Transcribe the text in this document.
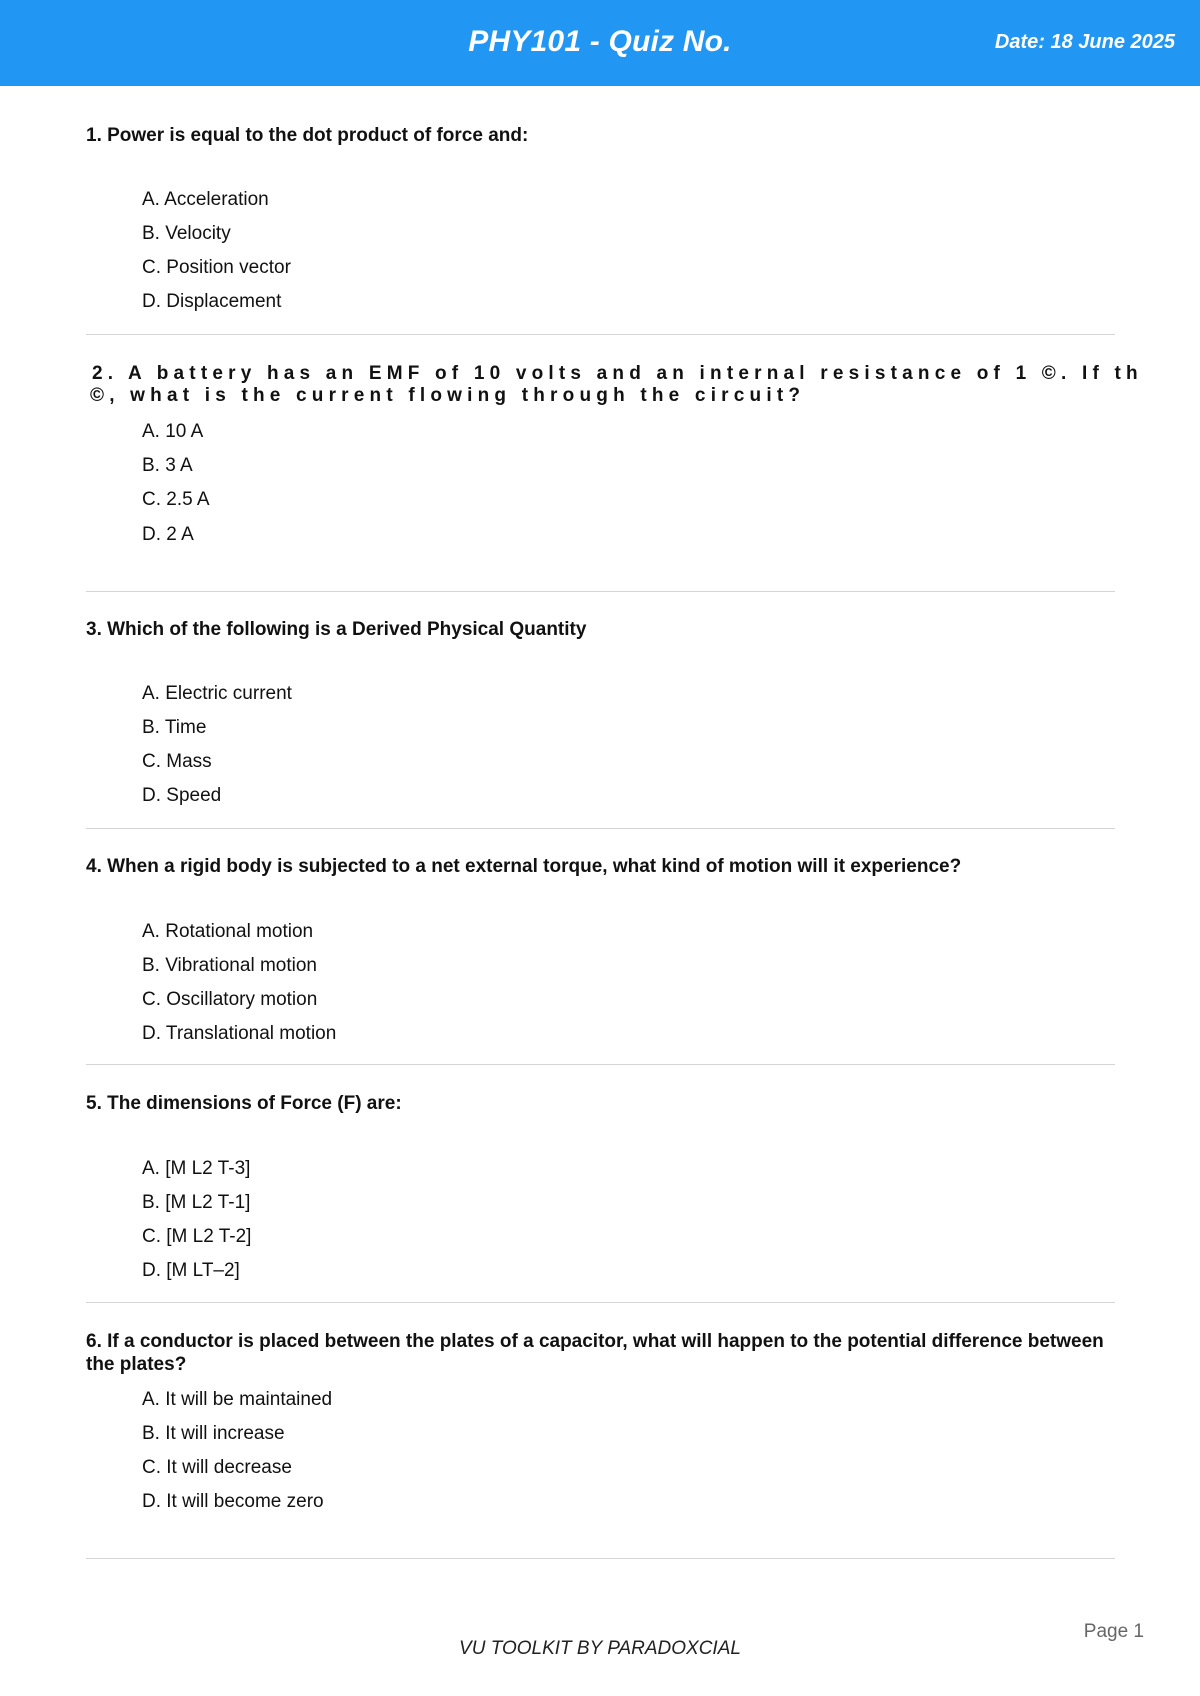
PHY101 - Quiz No.	Date: 18 June 2025

1. Power is equal to the dot product of force and:

A. Acceleration
B. Velocity
C. Position vector
D. Displacement

2. A battery has an EMF of 10 volts and an internal resistance of 1 ©. If th

©, what is the current flowing through the circuit?

A. 10 A
B. 3 A
C. 2.5 A
D. 2 A

3. Which of the following is a Derived Physical Quantity

A. Electric current
B. Time
C. Mass
D. Speed

4. When a rigid body is subjected to a net external torque, what kind of motion will it experience?

A. Rotational motion
B. Vibrational motion
C. Oscillatory motion
D. Translational motion

5. The dimensions of Force (F) are:

A. [M L2 T-3]
B. [M L2 T-1]
C. [M L2 T-2]
D. [M LT–2]

6. If a conductor is placed between the plates of a capacitor, what will happen to the potential difference between the plates?

A. It will be maintained
B. It will increase
C. It will decrease
D. It will become zero
Page 1
VU TOOLKIT BY PARADOXCIAL
